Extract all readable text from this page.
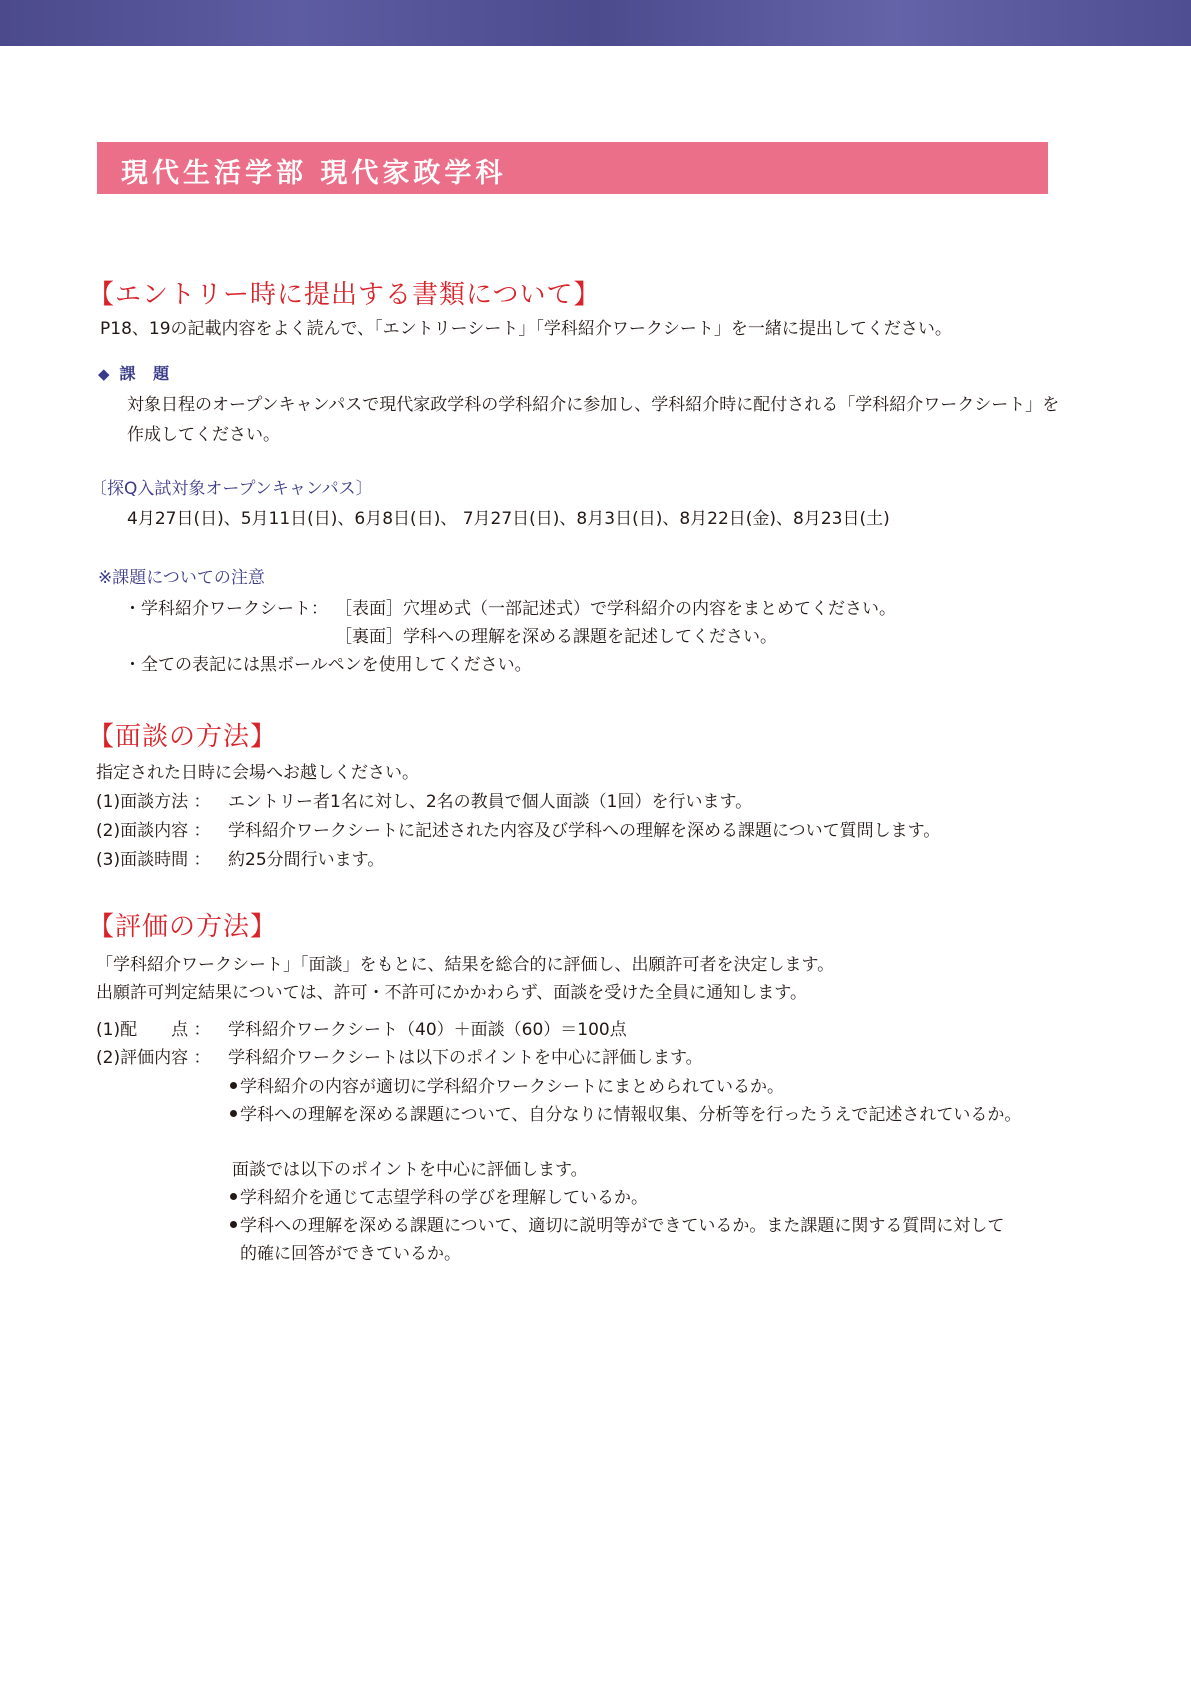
現代生活学部 現代家政学科
【エントリー時に提出する書類について】
P18、19の記載内容をよく読んで、「エントリーシート」「学科紹介ワークシート」を一緒に提出してください。
◆ 課 題
対象日程のオープンキャンパスで現代家政学科の学科紹介に参加し、学科紹介時に配付される「学科紹介ワークシート」を
作成してください。
〔探Q入試対象オープンキャンパス〕
4月27日(日)、5月11日(日)、6月8日(日)、 7月27日(日)、8月3日(日)、8月22日(金)、8月23日(土)
※課題についての注意
・学科紹介ワークシート： ［表面］穴埋め式（一部記述式）で学科紹介の内容をまとめてください。
［裏面］学科への理解を深める課題を記述してください。
・全ての表記には黒ボールペンを使用してください。
【面談の方法】
指定された日時に会場へお越しください。
(1)面談方法 ： エントリー者1名に対し、2名の教員で個人面談（1回）を行います。
(2)面談内容 ： 学科紹介ワークシートに記述された内容及び学科への理解を深める課題について質問します。
(3)面談時間 ： 約25分間行います。
【評価の方法】
「学科紹介ワークシート」「面談」をもとに、結果を総合的に評価し、出願許可者を決定します。
出願許可判定結果については、許可・不許可にかかわらず、面談を受けた全員に通知します。
(1)配　　点 ： 学科紹介ワークシート（40）＋面談（60）＝100点
(2)評価内容 ： 学科紹介ワークシートは以下のポイントを中心に評価します。
学科紹介の内容が適切に学科紹介ワークシートにまとめられているか。
学科への理解を深める課題について、自分なりに情報収集、分析等を行ったうえで記述されているか。
面談では以下のポイントを中心に評価します。
学科紹介を通じて志望学科の学びを理解しているか。
学科への理解を深める課題について、適切に説明等ができているか。また課題に関する質問に対して
的確に回答ができているか。
